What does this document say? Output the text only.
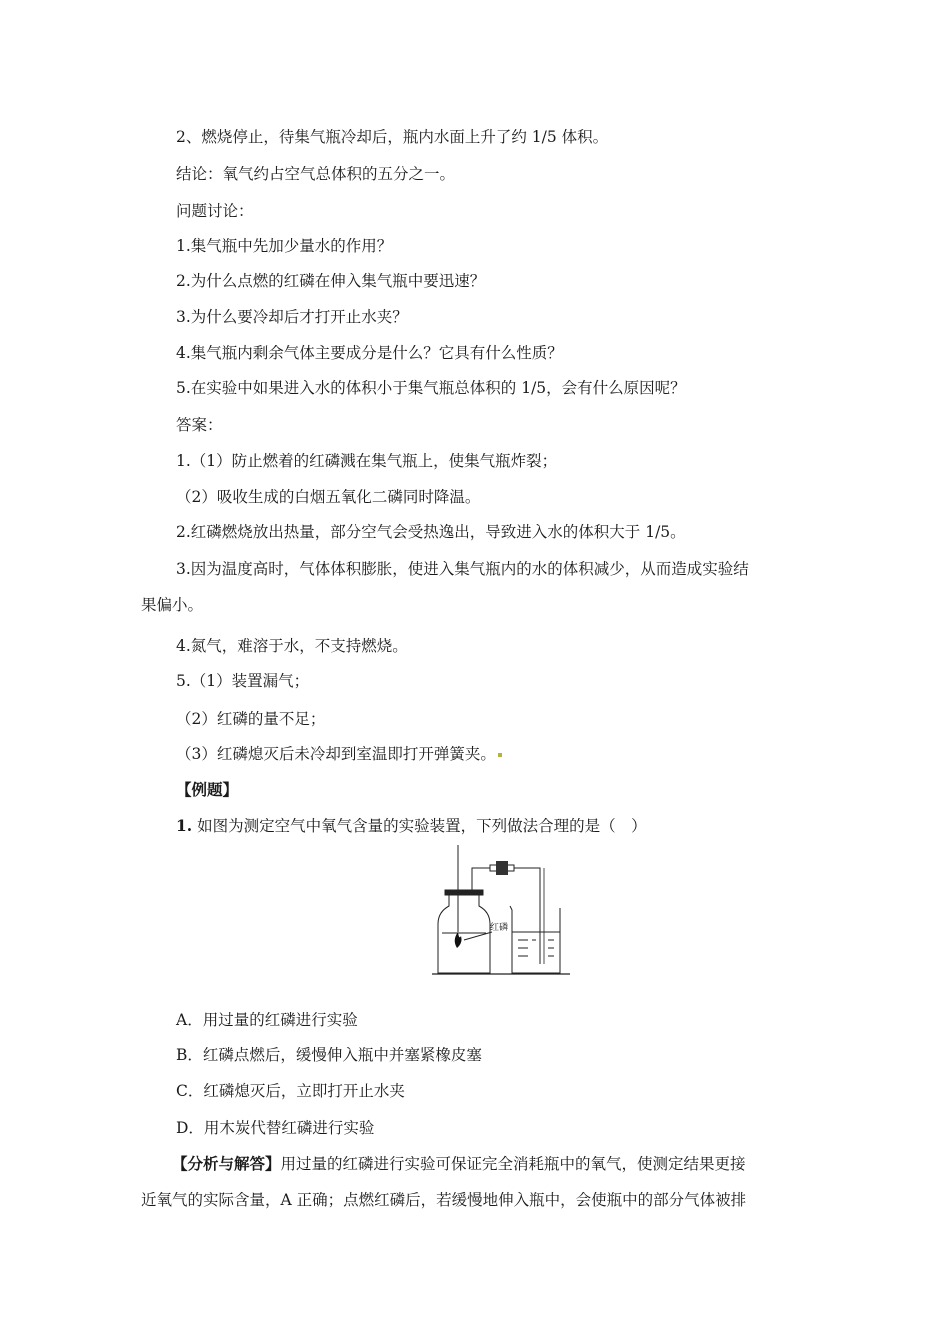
2、燃烧停止，待集气瓶冷却后，瓶内水面上升了约 1/5 体积。
结论：氧气约占空气总体积的五分之一。
问题讨论：
1.集气瓶中先加少量水的作用？
2.为什么点燃的红磷在伸入集气瓶中要迅速？
3.为什么要冷却后才打开止水夹？
4.集气瓶内剩余气体主要成分是什么？它具有什么性质？
5.在实验中如果进入水的体积小于集气瓶总体积的 1/5，会有什么原因呢？
答案：
1.（1）防止燃着的红磷溅在集气瓶上，使集气瓶炸裂；
（2）吸收生成的白烟五氧化二磷同时降温。
2.红磷燃烧放出热量，部分空气会受热逸出，导致进入水的体积大于 1/5。
3.因为温度高时，气体体积膨胀，使进入集气瓶内的水的体积减少，从而造成实验结
果偏小。
4.氮气，难溶于水，不支持燃烧。
5.（1）装置漏气；
（2）红磷的量不足；
（3）红磷熄灭后未冷却到室温即打开弹簧夹。
【例题】
1. 如图为测定空气中氧气含量的实验装置，下列做法合理的是（　）
红磷
A．用过量的红磷进行实验
B．红磷点燃后，缓慢伸入瓶中并塞紧橡皮塞
C．红磷熄灭后，立即打开止水夹
D．用木炭代替红磷进行实验
【分析与解答】用过量的红磷进行实验可保证完全消耗瓶中的氧气，使测定结果更接
近氧气的实际含量，A 正确；点燃红磷后，若缓慢地伸入瓶中，会使瓶中的部分气体被排
